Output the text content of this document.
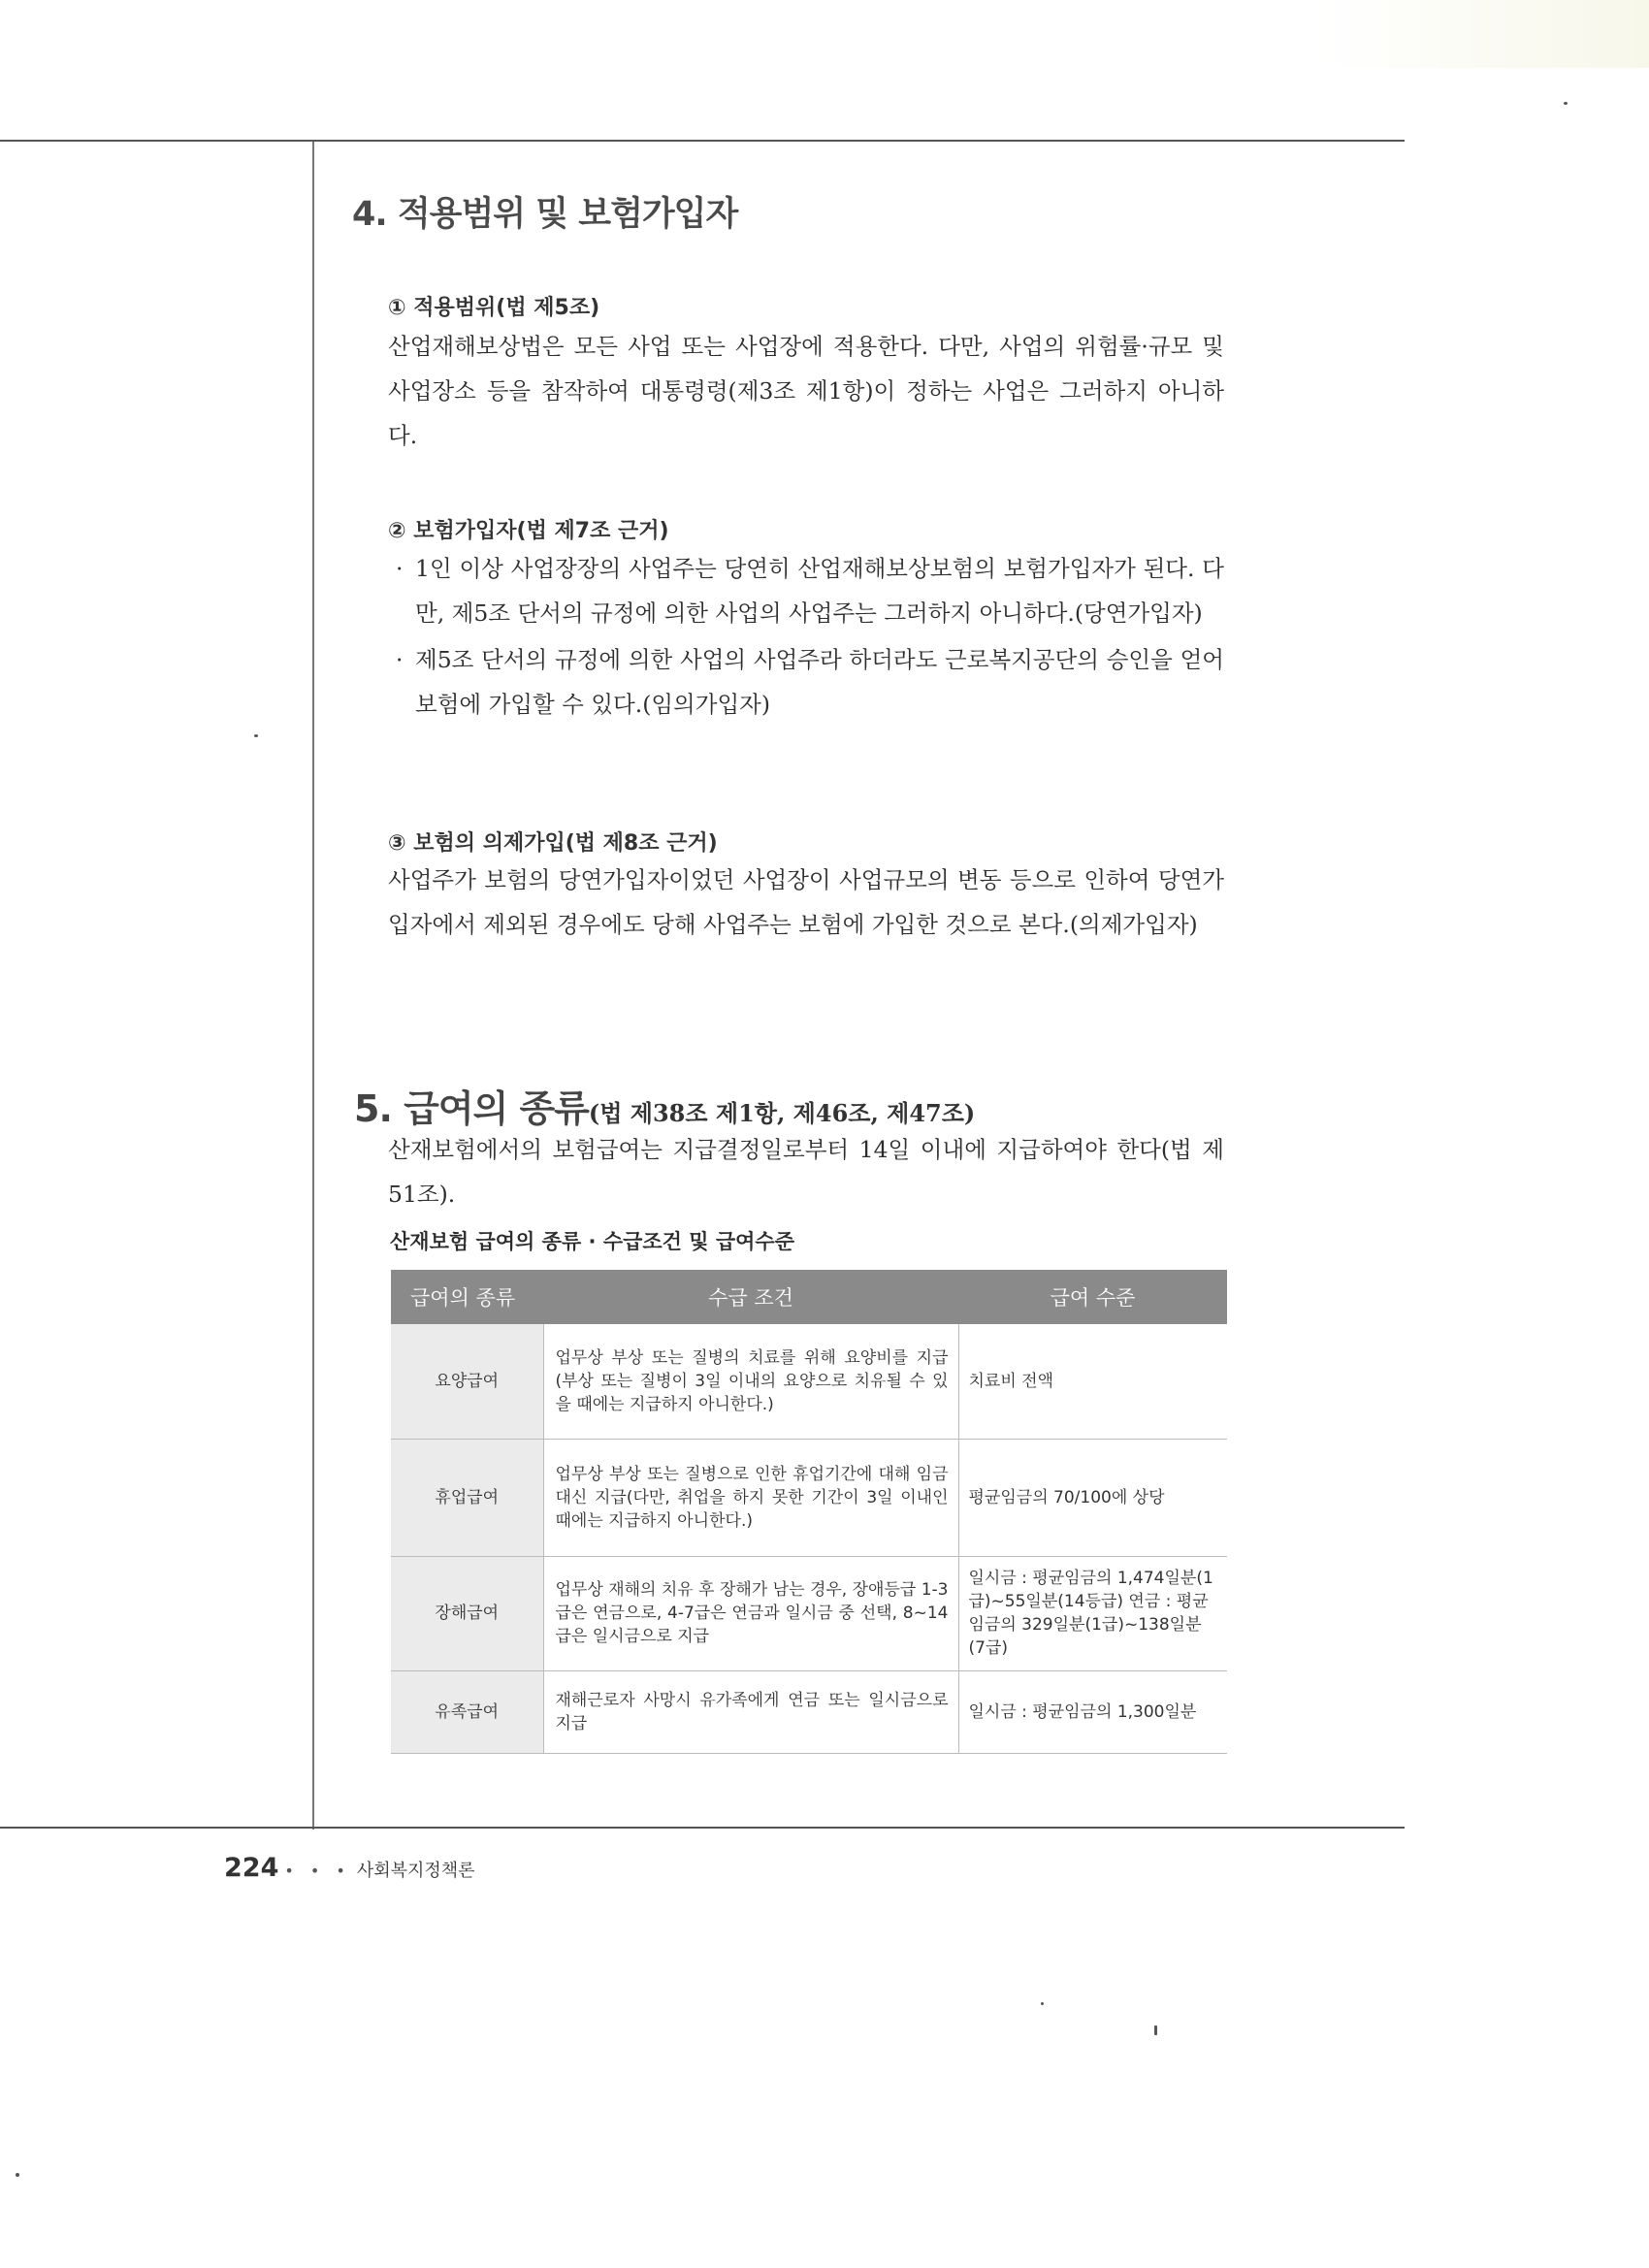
4. 적용범위 및 보험가입자
① 적용범위(법 제5조)

산업재해보상법은 모든 사업 또는 사업장에 적용한다. 다만, 사업의 위험률·규모 및 사업장소 등을 참작하여 대통령령(제3조 제1항)이 정하는 사업은 그러하지 아니하다.

② 보험가입자(법 제7조 근거)
· 1인 이상 사업장장의 사업주는 당연히 산업재해보상보험의 보험가입자가 된다. 다만, 제5조 단서의 규정에 의한 사업의 사업주는 그러하지 아니하다.(당연가입자)
· 제5조 단서의 규정에 의한 사업의 사업주라 하더라도 근로복지공단의 승인을 얻어 보험에 가입할 수 있다.(임의가입자)
③ 보험의 의제가입(법 제8조 근거)

사업주가 보험의 당연가입자이었던 사업장이 사업규모의 변동 등으로 인하여 당연가입자에서 제외된 경우에도 당해 사업주는 보험에 가입한 것으로 본다.(의제가입자)

5. 급여의 종류(법 제38조 제1항, 제46조, 제47조)

산재보험에서의 보험급여는 지급결정일로부터 14일 이내에 지급하여야 한다(법 제51조).

산재보험 급여의 종류 · 수급조건 및 급여수준

급여의 종류	수급 조건	급여 수준
요양급여	업무상 부상 또는 질병의 치료를 위해 요양비를 지급(부상 또는 질병이 3일 이내의 요양으로 치유될 수 있을 때에는 지급하지 아니한다.)	치료비 전액
휴업급여	업무상 부상 또는 질병으로 인한 휴업기간에 대해 임금대신 지급(다만, 취업을 하지 못한 기간이 3일 이내인 때에는 지급하지 아니한다.)	평균임금의 70/100에 상당
장해급여	업무상 재해의 치유 후 장해가 남는 경우, 장애등급 1-3급은 연금으로, 4-7급은 연금과 일시금 중 선택, 8~14급은 일시금으로 지급	일시금 : 평균임금의 1,474일분(1급)~55일분(14등급) 연금 : 평균임금의 329일분(1급)~138일분(7급)
유족급여	재해근로자 사망시 유가족에게 연금 또는 일시금으로 지급	일시금 : 평균임금의 1,300일분
224 • • • 사회복지정책론
